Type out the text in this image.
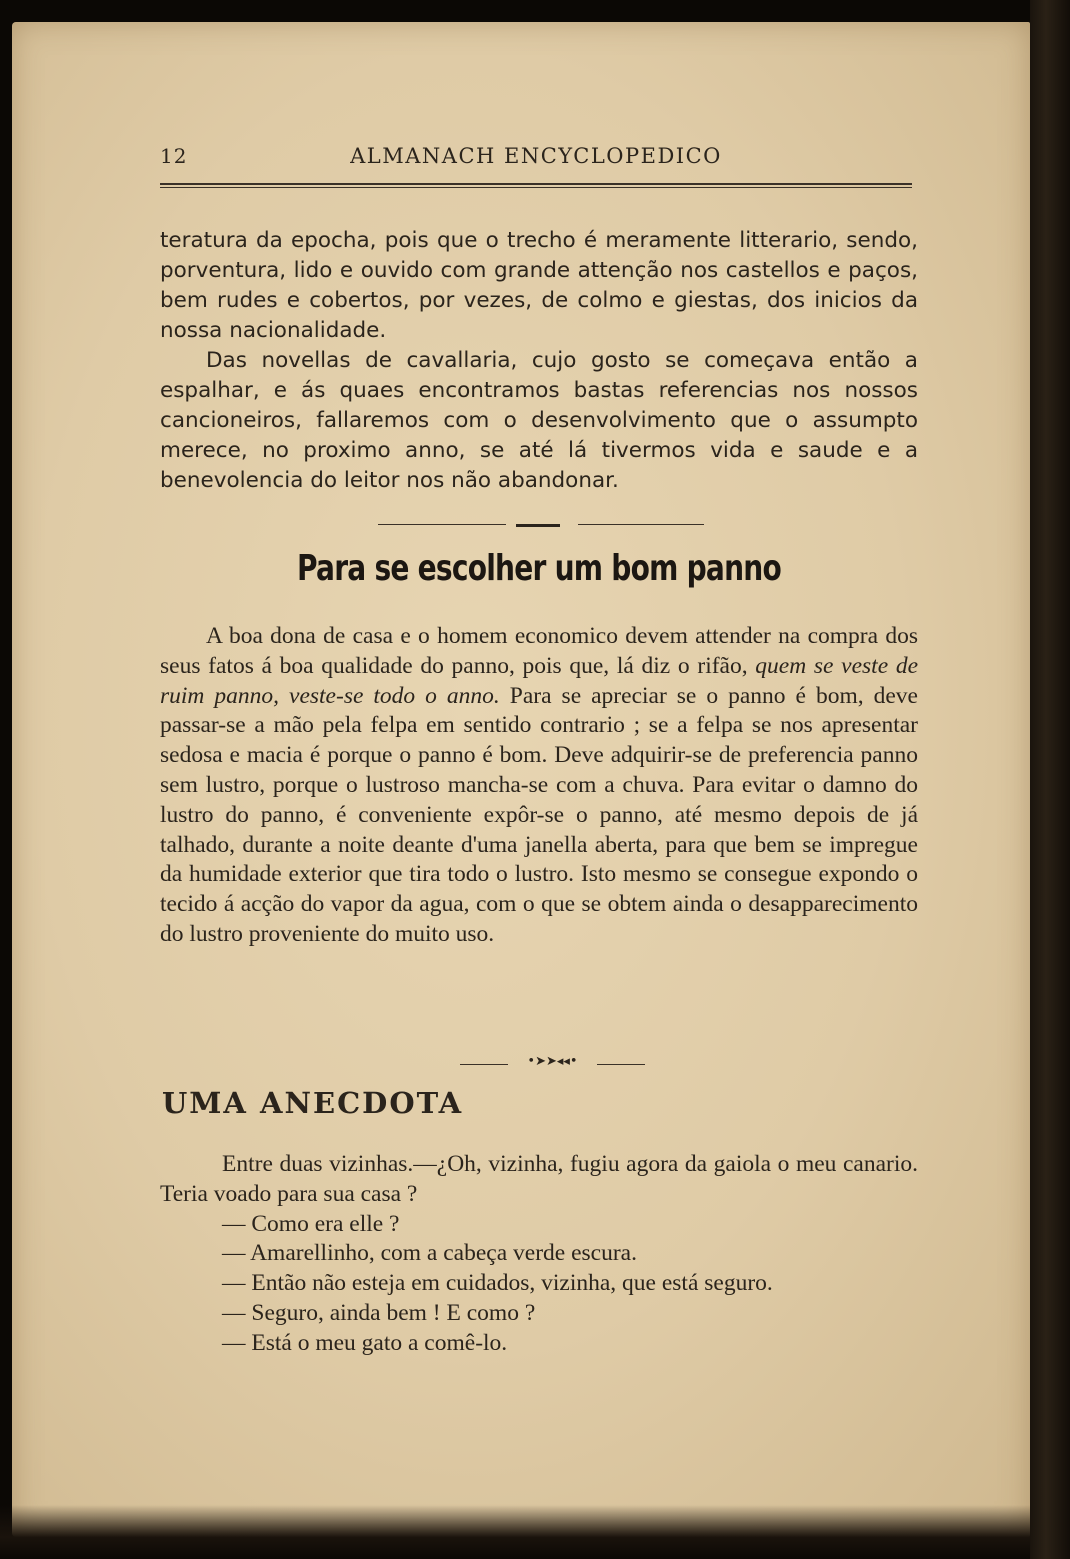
12	ALMANACH ENCYCLOPEDICO

teratura da epocha, pois que o trecho é meramente litterario, sendo, porventura, lido e ouvido com grande attenção nos castellos e paços, bem rudes e cobertos, por vezes, de colmo e giestas, dos inicios da nossa nacionalidade.

Das novellas de cavallaria, cujo gosto se começava então a espalhar, e ás quaes encontramos bastas referencias nos nossos cancioneiros, fallaremos com o desenvolvimento que o assumpto merece, no proximo anno, se até lá tivermos vida e saude e a benevolencia do leitor nos não abandonar.

Para se escolher um bom panno

A boa dona de casa e o homem economico devem attender na compra dos seus fatos á boa qualidade do panno, pois que, lá diz o rifão, quem se veste de ruim panno, veste-se todo o anno. Para se apreciar se o panno é bom, deve passar-se a mão pela felpa em sentido contrario ; se a felpa se nos apresentar sedosa e macia é porque o panno é bom. Deve adquirir-se de preferencia panno sem lustro, porque o lustroso mancha-se com a chuva. Para evitar o damno do lustro do panno, é conveniente expôr-se o panno, até mesmo depois de já talhado, durante a noite deante d'uma janella aberta, para que bem se impregue da humidade exterior que tira todo o lustro. Isto mesmo se consegue expondo o tecido á acção do vapor da agua, com o que se obtem ainda o desapparecimento do lustro proveniente do muito uso.

•➤➤◂◂•
UMA ANECDOTA
Entre duas vizinhas.—¿Oh, vizinha, fugiu agora da gaiola o meu canario. Teria voado para sua casa ?
— Como era elle ?
— Amarellinho, com a cabeça verde escura.
— Então não esteja em cuidados, vizinha, que está seguro.
— Seguro, ainda bem ! E como ?
— Está o meu gato a comê-lo.
